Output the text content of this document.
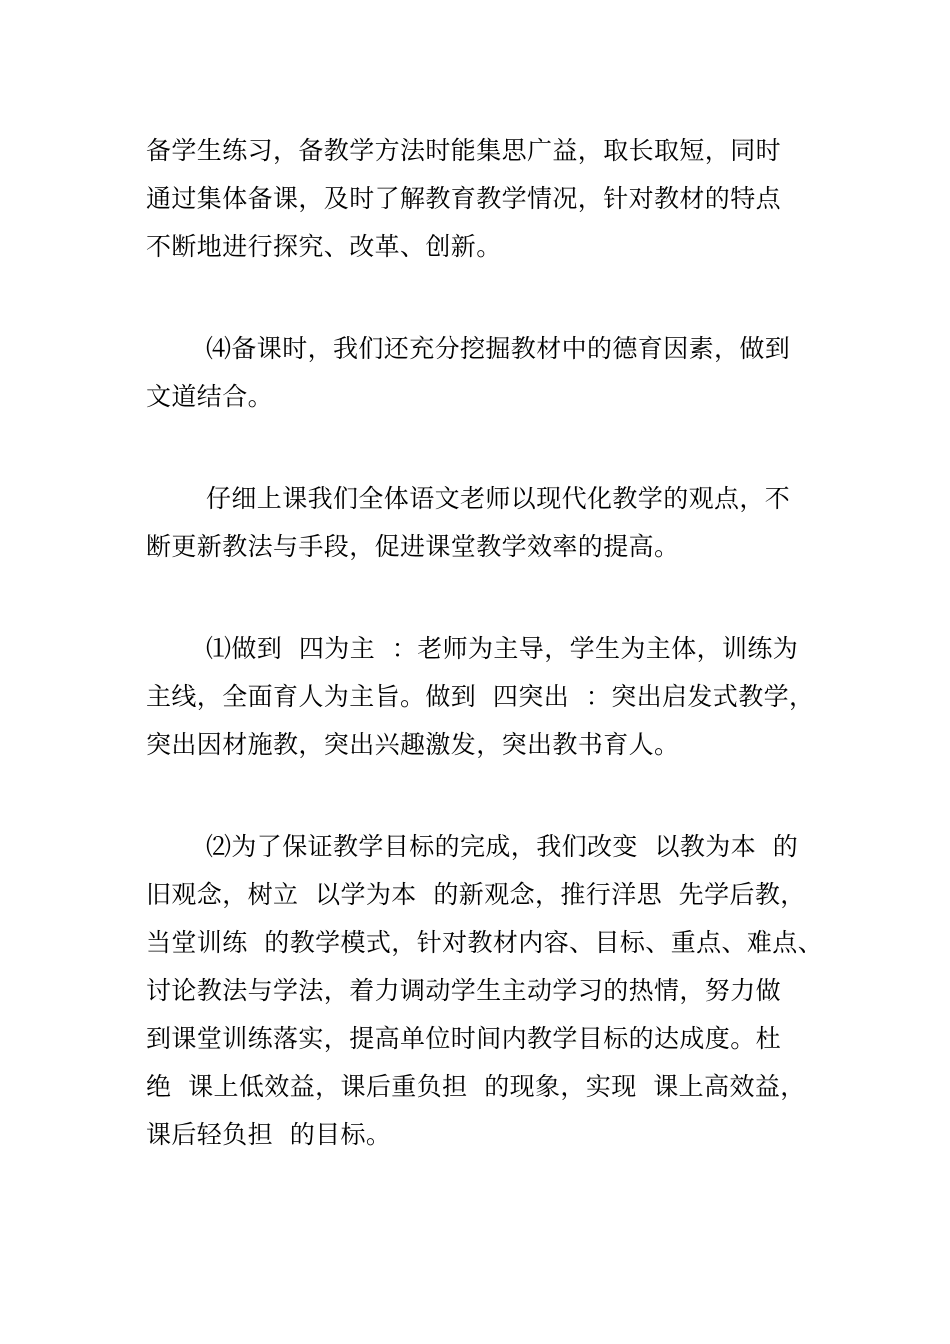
备学生练习，备教学方法时能集思广益，取长取短，同时
通过集体备课，及时了解教育教学情况，针对教材的特点
不断地进行探究、改革、创新。
⑷备课时，我们还充分挖掘教材中的德育因素，做到
文道结合。
仔细上课我们全体语文老师以现代化教学的观点，不
断更新教法与手段，促进课堂教学效率的提高。
⑴做到  四为主  ：老师为主导，学生为主体，训练为
主线，全面育人为主旨。做到  四突出  ：突出启发式教学，
突出因材施教，突出兴趣激发，突出教书育人。
⑵为了保证教学目标的完成，我们改变  以教为本  的
旧观念，树立  以学为本  的新观念，推行洋思  先学后教，
当堂训练  的教学模式，针对教材内容、目标、重点、难点、
讨论教法与学法，着力调动学生主动学习的热情，努力做
到课堂训练落实，提高单位时间内教学目标的达成度。杜
绝  课上低效益，课后重负担  的现象，实现  课上高效益，
课后轻负担  的目标。
